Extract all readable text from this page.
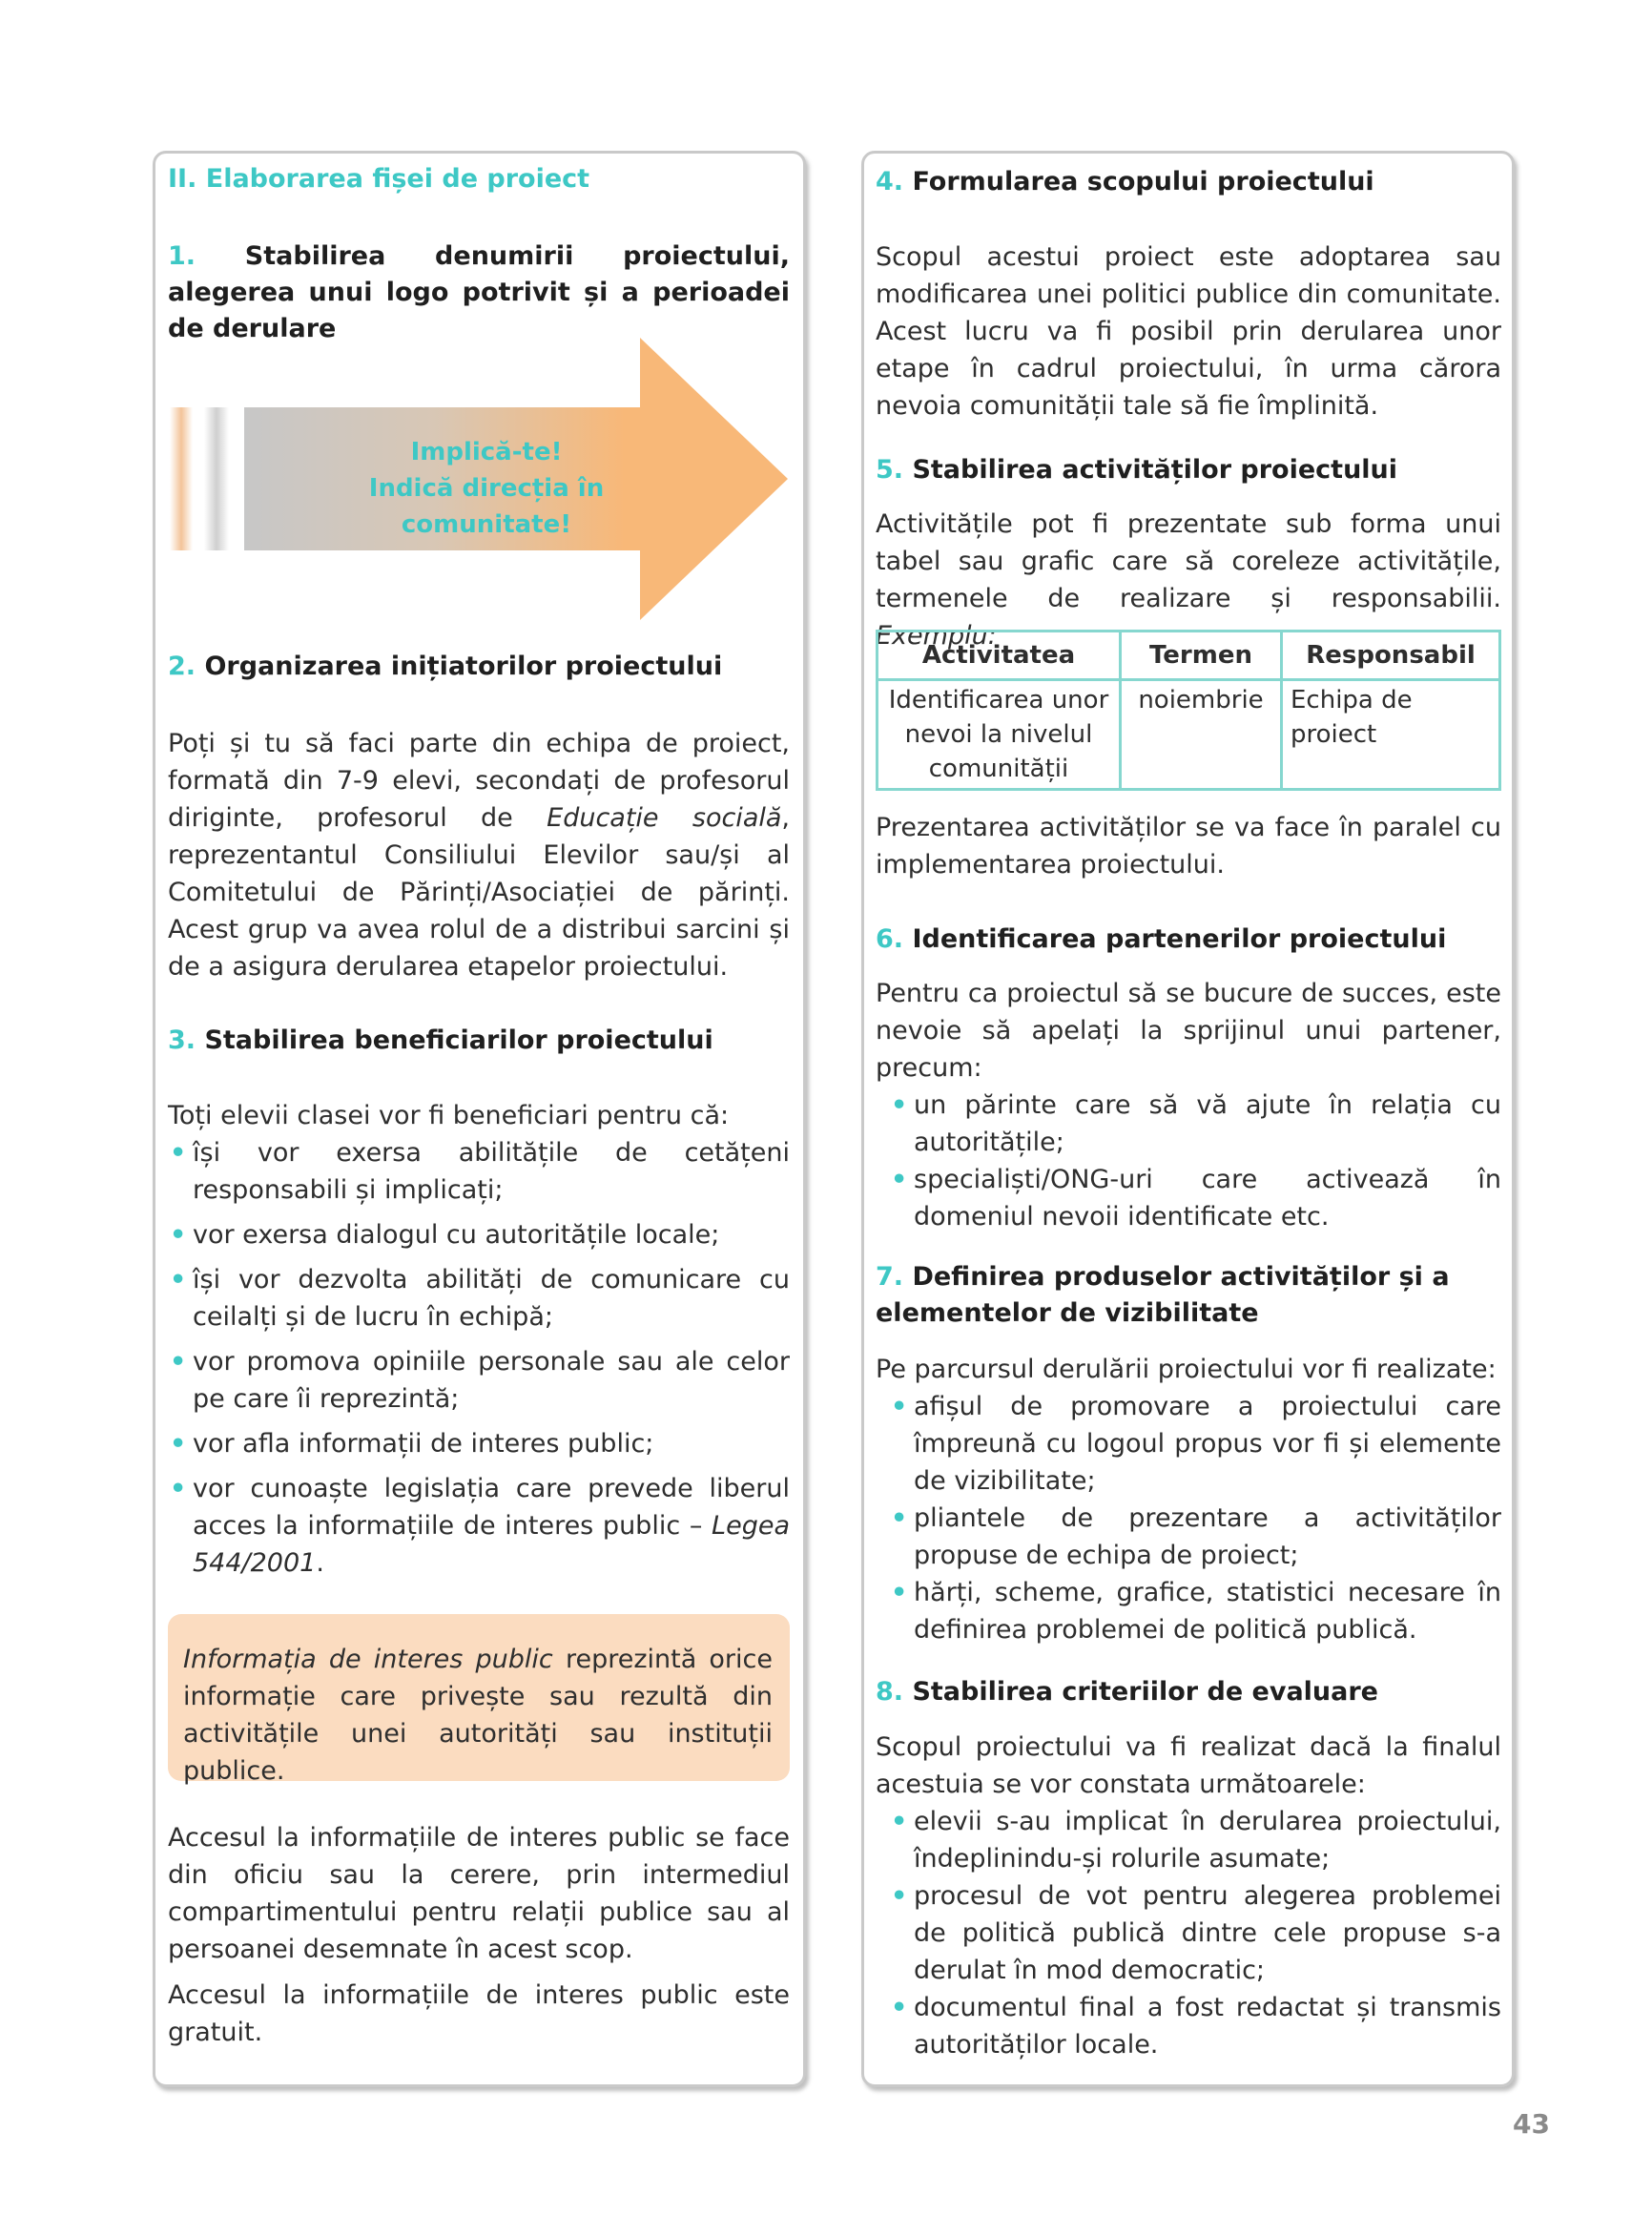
II. Elaborarea fișei de proiect
1. Stabilirea denumirii proiectului, alegerea unui logo potrivit și a perioadei de derulare
Implică-te!
Indică direcția în comunitate!
2. Organizarea inițiatorilor proiectului
Poți și tu să faci parte din echipa de proiect, formată din 7-9 elevi, secondați de profesorul diriginte, profesorul de Educație socială, reprezentantul Consiliului Elevilor sau/și al Comitetului de Părinți/Asociației de părinți. Acest grup va avea rolul de a distribui sarcini și de a asigura derularea etapelor proiectului.
3. Stabilirea beneficiarilor proiectului
Toți elevii clasei vor fi beneficiari pentru că:
• își vor exersa abilitățile de cetățeni responsabili și implicați;
• vor exersa dialogul cu autoritățile locale;
• își vor dezvolta abilități de comunicare cu ceilalți și de lucru în echipă;
• vor promova opiniile personale sau ale celor pe care îi reprezintă;
• vor afla informații de interes public;
• vor cunoaște legislația care prevede liberul acces la informațiile de interes public – Legea 544/2001.
Informația de interes public reprezintă orice informație care privește sau rezultă din activitățile unei autorități sau instituții publice.
Accesul la informațiile de interes public se face din oficiu sau la cerere, prin intermediul compartimentului pentru relații publice sau al persoanei desemnate în acest scop.
Accesul la informațiile de interes public este gratuit.
4. Formularea scopului proiectului
Scopul acestui proiect este adoptarea sau modificarea unei politici publice din comunitate. Acest lucru va fi posibil prin derularea unor etape în cadrul proiectului, în urma cărora nevoia comunității tale să fie împlinită.
5. Stabilirea activităților proiectului
Activitățile pot fi prezentate sub forma unui tabel sau grafic care să coreleze activitățile, termenele de realizare și responsabilii. Exemplu:
Activitatea	Termen	Responsabil
Identificarea unor nevoi la nivelul comunității	noiembrie	Echipa de proiect
Prezentarea activităților se va face în paralel cu implementarea proiectului.
6. Identificarea partenerilor proiectului
Pentru ca proiectul să se bucure de succes, este nevoie să apelați la sprijinul unui partener, precum:
• un părinte care să vă ajute în relația cu autoritățile;
• specialiști/ONG-uri care activează în domeniul nevoii identificate etc.
7. Definirea produselor activităților și a elementelor de vizibilitate
Pe parcursul derulării proiectului vor fi realizate:
• afișul de promovare a proiectului care împreună cu logoul propus vor fi și elemente de vizibilitate;
• pliantele de prezentare a activităților propuse de echipa de proiect;
• hărți, scheme, grafice, statistici necesare în definirea problemei de politică publică.
8. Stabilirea criteriilor de evaluare
Scopul proiectului va fi realizat dacă la finalul acestuia se vor constata următoarele:
• elevii s-au implicat în derularea proiectului, îndeplinindu-și rolurile asumate;
• procesul de vot pentru alegerea problemei de politică publică dintre cele propuse s-a derulat în mod democratic;
• documentul final a fost redactat și transmis autorităților locale.
43
